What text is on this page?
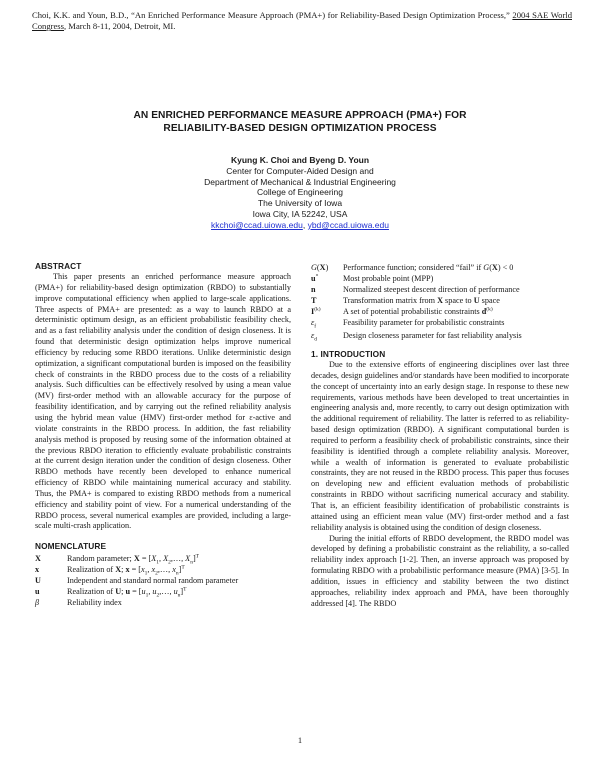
Choi, K.K. and Youn, B.D., “An Enriched Performance Measure Approach (PMA+) for Reliability-Based Design Optimization Process,” 2004 SAE World Congress, March 8-11, 2004, Detroit, MI.
AN ENRICHED PERFORMANCE MEASURE APPROACH (PMA+) FOR
RELIABILITY-BASED DESIGN OPTIMIZATION PROCESS
Kyung K. Choi and Byeng D. Youn
Center for Computer-Aided Design and
Department of Mechanical & Industrial Engineering
College of Engineering
The University of Iowa
Iowa City, IA 52242, USA
kkchoi@ccad.uiowa.edu, ybd@ccad.uiowa.edu
ABSTRACT

This paper presents an enriched performance measure approach (PMA+) for reliability-based design optimization (RBDO) to substantially improve computational efficiency when applied to large-scale applications. Three aspects of PMA+ are presented: as a way to launch RBDO at a deterministic optimum design, as an efficient probabilistic feasibility check, and as a fast reliability analysis under the condition of design closeness. It is found that deterministic design optimization helps improve numerical efficiency by reducing some RBDO iterations. Unlike deterministic design optimization, a significant computational burden is imposed on the feasibility check of constraints in the RBDO process due to the costs of a reliability analysis. Such difficulties can be effectively resolved by using a mean value (MV) first-order method with an allowable accuracy for the purpose of feasibility identification, and by carrying out the refined reliability analysis using the hybrid mean value (HMV) first-order method for ε-active and violate constraints in the RBDO process. In addition, the fast reliability analysis method is proposed by reusing some of the information obtained at the previous RBDO iteration to efficiently evaluate probabilistic constraints at the current design iteration under the condition of design closeness. Other RBDO methods have recently been developed to enhance numerical efficiency of RBDO while maintaining numerical accuracy and stability. Thus, the PMA+ is compared to existing RBDO methods from a numerical efficiency and stability point of view. For a numerical understanding of the RBDO process, several numerical examples are provided, including a large-scale multi-crash application.

NOMENCLATURE
X	Random parameter; $X = [X_1$, $X_2,\dots$, $X_n]^T$
x	Realization of X; $x = [x_1$, $x_2,\dots$, $x_n]^T$
U	Independent and standard normal random parameter
u	Realization of U; $u = [u_1$, $u_2,\dots$, $u_n]^T$
β	Reliability index
G(X)	Performance function; considered “fail” if G(X) < 0
u*	Most probable point (MPP)
n	Normalized steepest descent direction of performance
T	Transformation matrix from X space to U space
$I^{(k)}$	A set of potential probabilistic constraints $d^{(k)}$
$\varepsilon_f$	Feasibility parameter for probabilistic constraints
$\varepsilon_d$	Design closeness parameter for fast reliability analysis
1. INTRODUCTION

Due to the extensive efforts of engineering disciplines over last three decades, design guidelines and/or standards have been modified to incorporate the concept of uncertainty into an early design stage. In response to these new requirements, various methods have been developed to treat uncertainties in engineering analysis and, more recently, to carry out design optimization with the additional requirement of reliability. The latter is referred to as reliability-based design optimization (RBDO). A significant computational burden is required to perform a feasibility check of probabilistic constraints, since their feasibility is identified through a complete reliability analysis. Moreover, while a wealth of information is generated to evaluate probabilistic constraints, they are not reused in the RBDO process. This paper thus focuses on developing new and efficient evaluation methods of probabilistic constraints in RBDO without sacrificing numerical accuracy and stability. That is, an efficient feasibility identification of probabilistic constraints is attained using an efficient mean value (MV) first-order method and a fast reliability analysis is obtained using the condition of design closeness.

During the initial efforts of RBDO development, the RBDO model was developed by defining a probabilistic constraint as the reliability, a so-called reliability index approach [1-2]. Then, an inverse approach was proposed by formulating RBDO with a probabilistic performance measure (PMA) [3-5]. In addition, issues in efficiency and stability between the two distinct approaches, reliability index approach and PMA, have been thoroughly addressed [4]. The RBDO

1
